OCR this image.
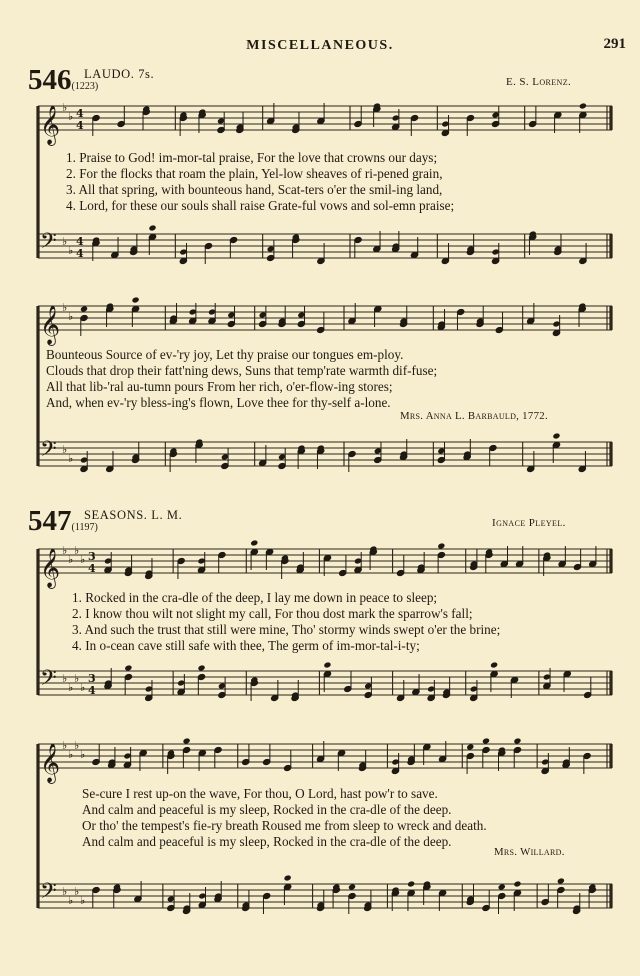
MISCELLANEOUS.	291
546(1223)
LAUDO. 7s.
E. S. Lorenz.
1. Praise to God! im-mor-tal praise, For the love that crowns our days;
2. For the flocks that roam the plain, Yel-low sheaves of ri-pened grain,
3. All that spring, with bounteous hand, Scat-ters o'er the smil-ing land,
4. Lord, for these our souls shall raise Grate-ful vows and sol-emn praise;
Bounteous Source of ev-'ry joy, Let thy praise our tongues em-ploy.
Clouds that drop their fatt'ning dews, Suns that temp'rate warmth dif-fuse;
All that lib-'ral au-tumn pours From her rich, o'er-flow-ing stores;
And, when ev-'ry bless-ing's flown, Love thee for thy-self a-lone.
Mrs. Anna L. Barbauld, 1772.
547(1197)
SEASONS. L. M.
Ignace Pleyel.
1. Rocked in the cra-dle of the deep, I lay me down in peace to sleep;
2. I know thou wilt not slight my call, For thou dost mark the sparrow's fall;
3. And such the trust that still were mine, Tho' stormy winds swept o'er the brine;
4. In o-cean cave still safe with thee, The germ of im-mor-tal-i-ty;
Se-cure I rest up-on the wave, For thou, O Lord, hast pow'r to save.
And calm and peaceful is my sleep, Rocked in the cra-dle of the deep.
Or tho' the tempest's fie-ry breath Roused me from sleep to wreck and death.
And calm and peaceful is my sleep, Rocked in the cra-dle of the deep.
Mrs. Willard.
𝄞 ♭
♭ 4
4
𝄢 ♭
♭
4
4
𝄞 ♭
♭
𝄢 ♭
♭
𝄞 ♭
♭
♭
♭ 3
4
𝄢 ♭
♭
♭
♭
3
4
𝄞 ♭
♭
♭
♭
𝄢 ♭
♭
♭
♭
